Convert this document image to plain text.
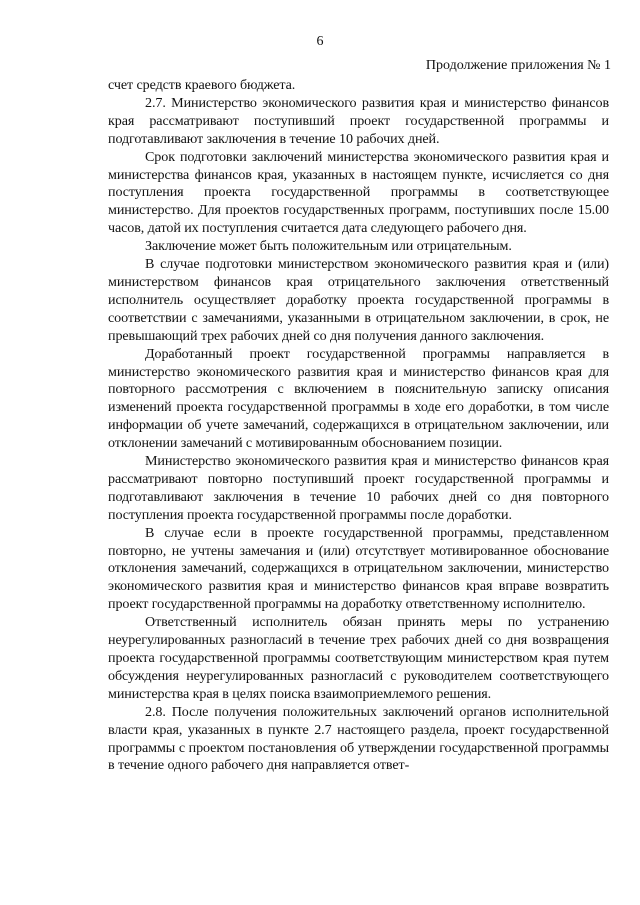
6
Продолжение приложения № 1

счет средств краевого бюджета.

2.7. Министерство экономического развития края и министерство финансов края рассматривают поступивший проект государственной программы и подготавливают заключения в течение 10 рабочих дней.

Срок подготовки заключений министерства экономического развития края и министерства финансов края, указанных в настоящем пункте, исчисляется со дня поступления проекта государственной программы в соответствующее министерство. Для проектов государственных программ, поступивших после 15.00 часов, датой их поступления считается дата следующего рабочего дня.

Заключение может быть положительным или отрицательным.

В случае подготовки министерством экономического развития края и (или) министерством финансов края отрицательного заключения ответственный исполнитель осуществляет доработку проекта государственной программы в соответствии с замечаниями, указанными в отрицательном заключении, в срок, не превышающий трех рабочих дней со дня получения данного заключения.

Доработанный проект государственной программы направляется в министерство экономического развития края и министерство финансов края для повторного рассмотрения с включением в пояснительную записку описания изменений проекта государственной программы в ходе его доработки, в том числе информации об учете замечаний, содержащихся в отрицательном заключении, или отклонении замечаний с мотивированным обоснованием позиции.

Министерство экономического развития края и министерство финансов края рассматривают повторно поступивший проект государственной программы и подготавливают заключения в течение 10 рабочих дней со дня повторного поступления проекта государственной программы после доработки.

В случае если в проекте государственной программы, представленном повторно, не учтены замечания и (или) отсутствует мотивированное обоснование отклонения замечаний, содержащихся в отрицательном заключении, министерство экономического развития края и министерство финансов края вправе возвратить проект государственной программы на доработку ответственному исполнителю.

Ответственный исполнитель обязан принять меры по устранению неурегулированных разногласий в течение трех рабочих дней со дня возвращения проекта государственной программы соответствующим министерством края путем обсуждения неурегулированных разногласий с руководителем соответствующего министерства края в целях поиска взаимоприемлемого решения.

2.8. После получения положительных заключений органов исполнительной власти края, указанных в пункте 2.7 настоящего раздела, проект государственной программы с проектом постановления об утверждении государственной программы в течение одного рабочего дня направляется ответ-
